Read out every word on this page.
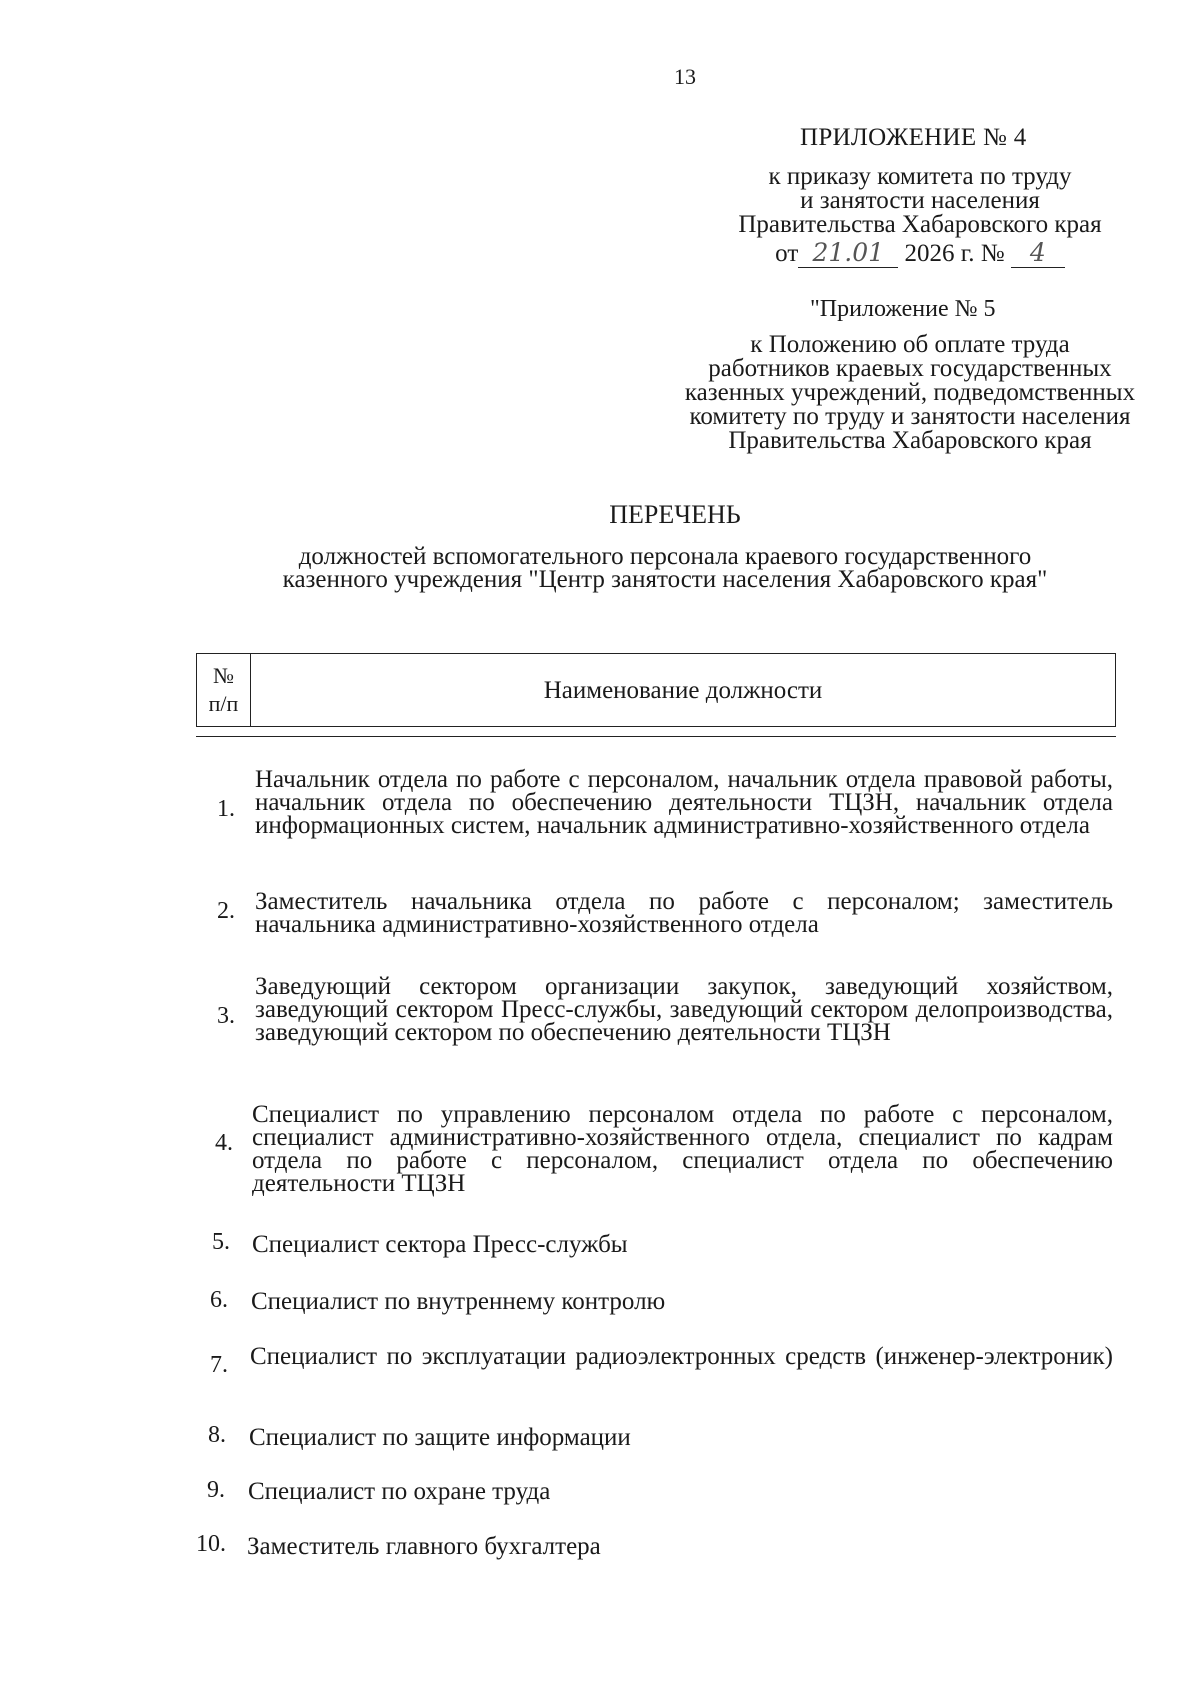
13
ПРИЛОЖЕНИЕ № 4
к приказу комитета по труду
и занятости населения
Правительства Хабаровского края
от 21.01 2026 г. № 4
"Приложение № 5
к Положению об оплате труда
работников краевых государственных
казенных учреждений, подведомственных
комитету по труду и занятости населения
Правительства Хабаровского края
ПЕРЕЧЕНЬ
должностей вспомогательного персонала краевого государственного
казенного учреждения "Центр занятости населения Хабаровского края"
№
п/п	Наименование должности
1.
Начальник отдела по работе с персоналом, начальник отдела правовой работы, начальник отдела по обеспечению деятельности ТЦЗН, начальник отдела информационных систем, начальник административно-хозяйственного отдела
2. Заместитель начальника отдела по работе с персоналом; заместитель начальника административно-хозяйственного отдела
3.
Заведующий сектором организации закупок, заведующий хозяйством, заведующий сектором Пресс-службы, заведующий сектором делопроизводства, заведующий сектором по обеспечению деятельности ТЦЗН
4.
Специалист по управлению персоналом отдела по работе с персоналом, специалист административно-хозяйственного отдела, специалист по кадрам отдела по работе с персоналом, специалист отдела по обеспечению деятельности ТЦЗН
5. Специалист сектора Пресс-службы
6. Специалист по внутреннему контролю
7. Специалист по эксплуатации радиоэлектронных средств (инженер-электроник)
8. Специалист по защите информации
9. Специалист по охране труда
10. Заместитель главного бухгалтера
